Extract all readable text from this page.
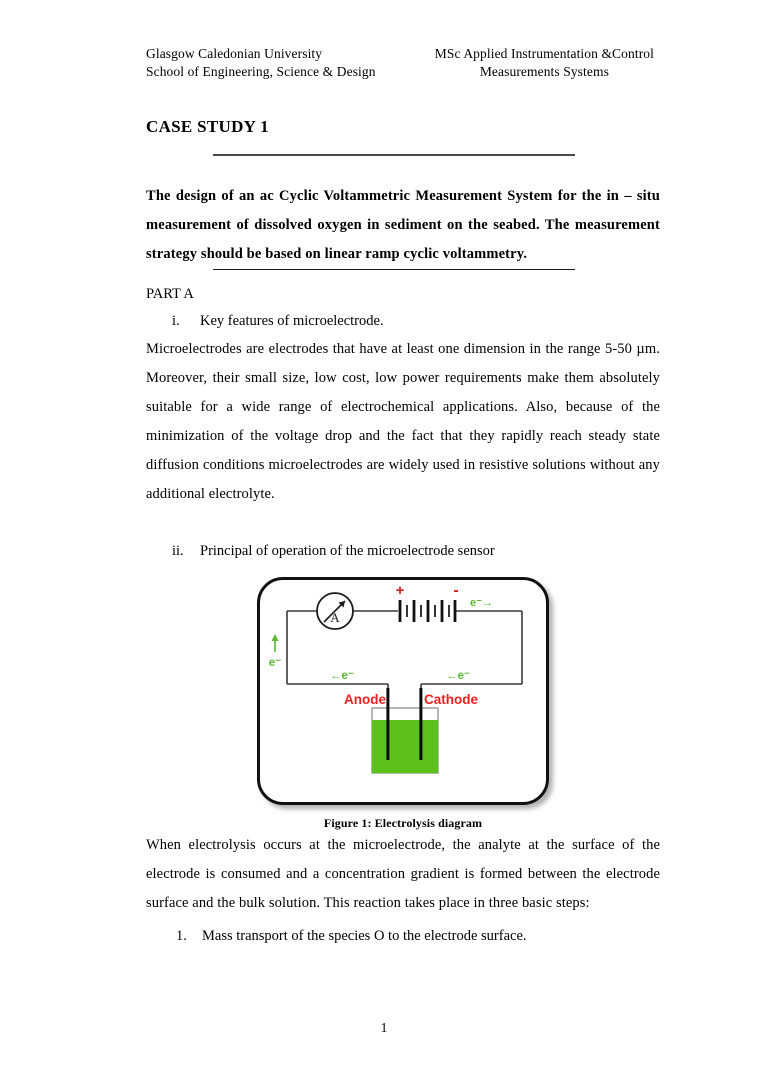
Glasgow Caledonian University
School of Engineering, Science & Design
MSc Applied Instrumentation &Control
Measurements Systems
CASE STUDY 1
The design of an ac Cyclic Voltammetric Measurement System for the in – situ measurement of dissolved oxygen in sediment on the seabed. The measurement strategy should be based on linear ramp cyclic voltammetry.
PART A
i.	Key features of microelectrode.
Microelectrodes are electrodes that have at least one dimension in the range 5-50 µm. Moreover, their small size, low cost, low power requirements make them absolutely suitable for a wide range of electrochemical applications. Also, because of the minimization of the voltage drop and the fact that they rapidly reach steady state diffusion conditions microelectrodes are widely used in resistive solutions without any additional electrolyte.
ii.	Principal of operation of the microelectrode sensor
A
+	-
e⁻→
e⁻
←e⁻	←e⁻
Anode	Cathode
Figure 1: Electrolysis diagram
When electrolysis occurs at the microelectrode, the analyte at the surface of the electrode is consumed and a concentration gradient is formed between the electrode surface and the bulk solution. This reaction takes place in three basic steps:
1.	Mass transport of the species O to the electrode surface.
1
